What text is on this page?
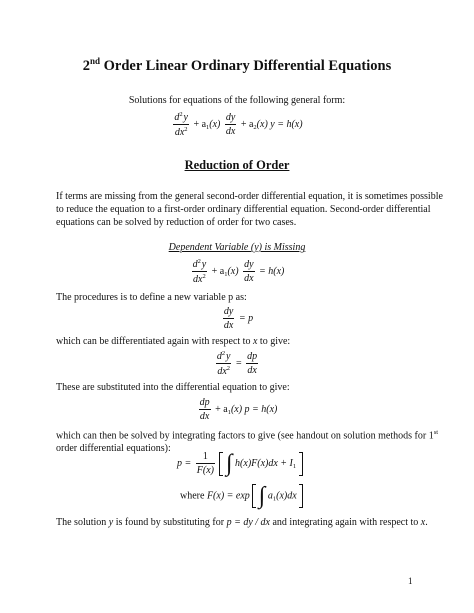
2nd Order Linear Ordinary Differential Equations
Solutions for equations of the following general form:
$\frac{d^2 y}{dx^2} + a_1(x) \frac{dy}{dx} + a_2(x) y = h(x)$
Reduction of Order
If terms are missing from the general second-order differential equation, it is sometimes possible
to reduce the equation to a first-order ordinary differential equation. Second-order differential
equations can be solved by reduction of order for two cases.
Dependent Variable (y) is Missing
$\frac{d^2 y}{dx^2} + a_1(x) \frac{dy}{dx} = h(x)$
The procedures is to define a new variable p as:
$\frac{dy}{dx} = p$
which can be differentiated again with respect to x to give:
$\frac{d^2 y}{dx^2} = \frac{dp}{dx}$
These are substituted into the differential equation to give:
$\frac{dp}{dx} + a_1(x) p = h(x)$
which can then be solved by integrating factors to give (see handout on solution methods for 1st
order differential equations):
$p = \frac{1}{F(x)}$ ∫ $h(x)F(x)dx + I_1$
where F(x) = exp ∫ $a_1(x)dx$
The solution y is found by substituting for p = dy / dx and integrating again with respect to x.
1
